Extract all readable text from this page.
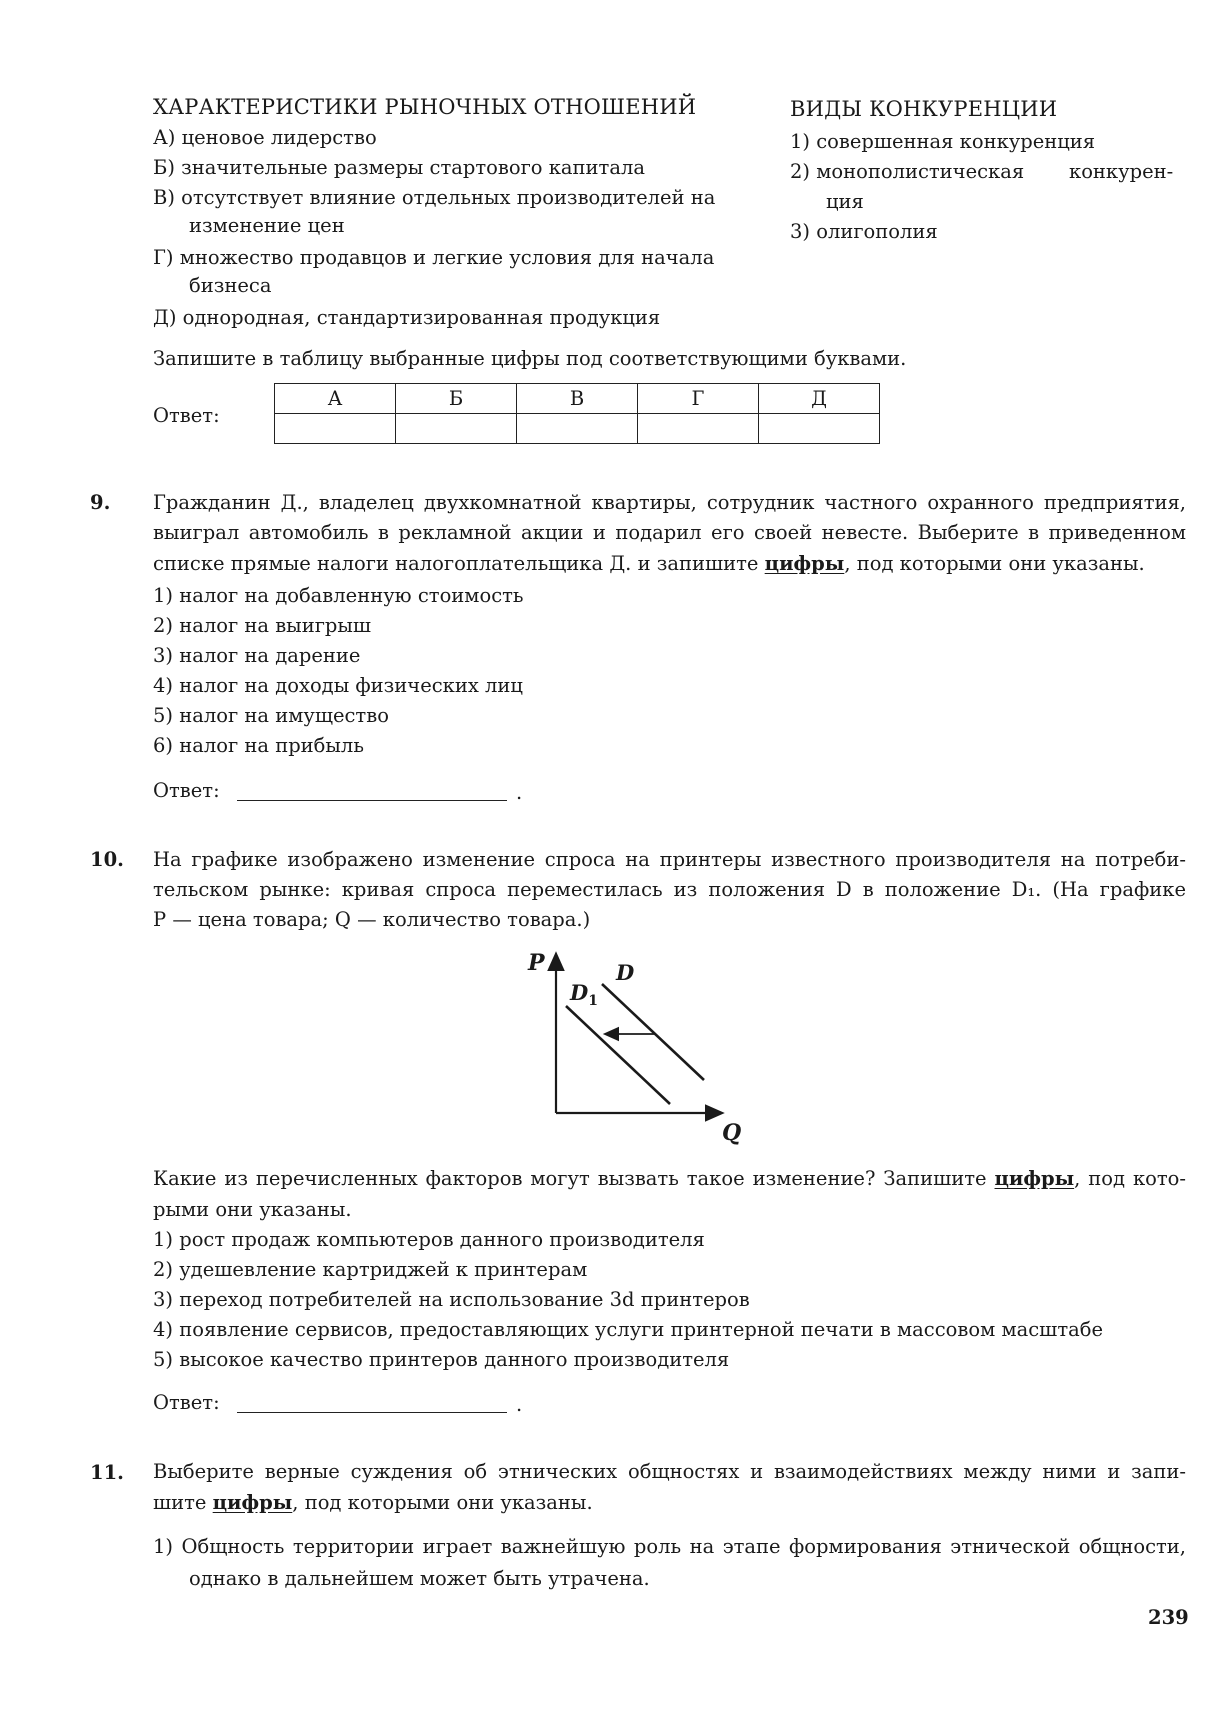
ХАРАКТЕРИСТИКИ РЫНОЧНЫХ ОТНОШЕНИЙ	ВИДЫ КОНКУРЕНЦИИ
А) ценовое лидерство
Б) значительные размеры стартового капитала
В) отсутствует влияние отдельных производителей на
изменение цен
Г) множество продавцов и легкие условия для начала
бизнеса
Д) однородная, стандартизированная продукция
1) совершенная конкуренция
2) монополистическая конкурен-
ция
3) олигополия
Запишите в таблицу выбранные цифры под соответствующими буквами.
Ответ:
А	Б	В	Г	Д

9. Гражданин Д., владелец двухкомнатной квартиры, сотрудник частного охранного предприятия,
выиграл автомобиль в рекламной акции и подарил его своей невесте. Выберите в приведенном
списке прямые налоги налогоплательщика Д. и запишите цифры, под которыми они указаны.
1) налог на добавленную стоимость
2) налог на выигрыш
3) налог на дарение
4) налог на доходы физических лиц
5) налог на имущество
6) налог на прибыль
Ответ:	.
10. На графике изображено изменение спроса на принтеры известного производителя на потреби-
тельском рынке: кривая спроса переместилась из положения D в положение D₁. (На графике
P — цена товара; Q — количество товара.)
P
Q
D
$D_1$
Какие из перечисленных факторов могут вызвать такое изменение? Запишите цифры, под кото-
рыми они указаны.
1) рост продаж компьютеров данного производителя
2) удешевление картриджей к принтерам
3) переход потребителей на использование 3d принтеров
4) появление сервисов, предоставляющих услуги принтерной печати в массовом масштабе
5) высокое качество принтеров данного производителя
Ответ:	.
11. Выберите верные суждения об этнических общностях и взаимодействиях между ними и запи-
шите цифры, под которыми они указаны.
1) Общность территории играет важнейшую роль на этапе формирования этнической общности,
однако в дальнейшем может быть утрачена.
239
